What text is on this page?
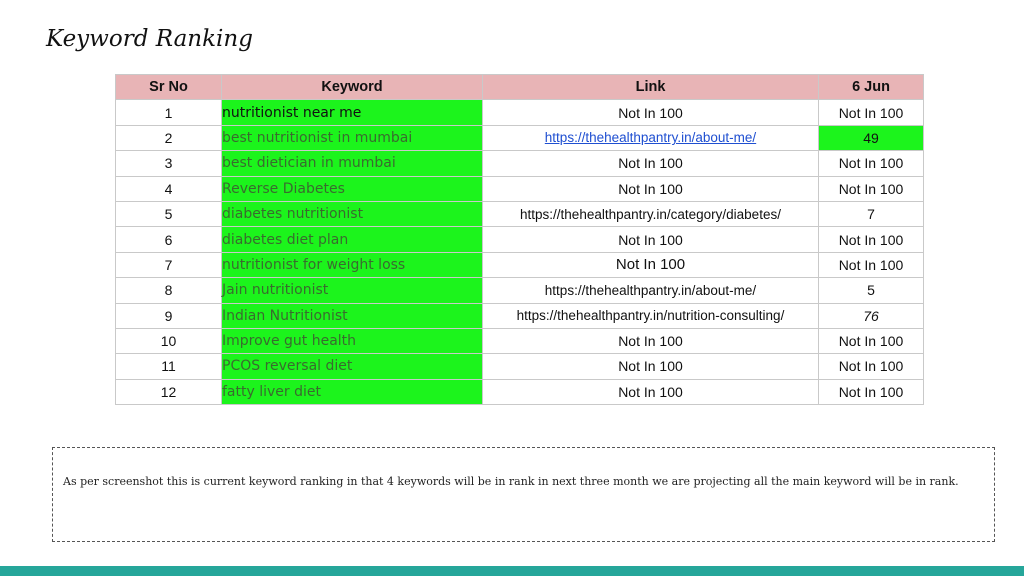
Keyword Ranking
Sr No	Keyword	Link	6 Jun
1	nutritionist near me	Not In 100	Not In 100
2	best nutritionist in mumbai	https://thehealthpantry.in/about-me/	49
3	best dietician in mumbai	Not In 100	Not In 100
4	Reverse Diabetes	Not In 100	Not In 100
5	diabetes nutritionist	https://thehealthpantry.in/category/diabetes/	7
6	diabetes diet plan	Not In 100	Not In 100
7	nutritionist for weight loss	Not In 100	Not In 100
8	Jain nutritionist	https://thehealthpantry.in/about-me/	5
9	Indian Nutritionist	https://thehealthpantry.in/nutrition-consulting/	76
10	Improve gut health	Not In 100	Not In 100
11	PCOS reversal diet	Not In 100	Not In 100
12	fatty liver diet	Not In 100	Not In 100
As per screenshot this is current keyword ranking in that 4 keywords will be in rank in next three month we are projecting all the main keyword will be in rank.
